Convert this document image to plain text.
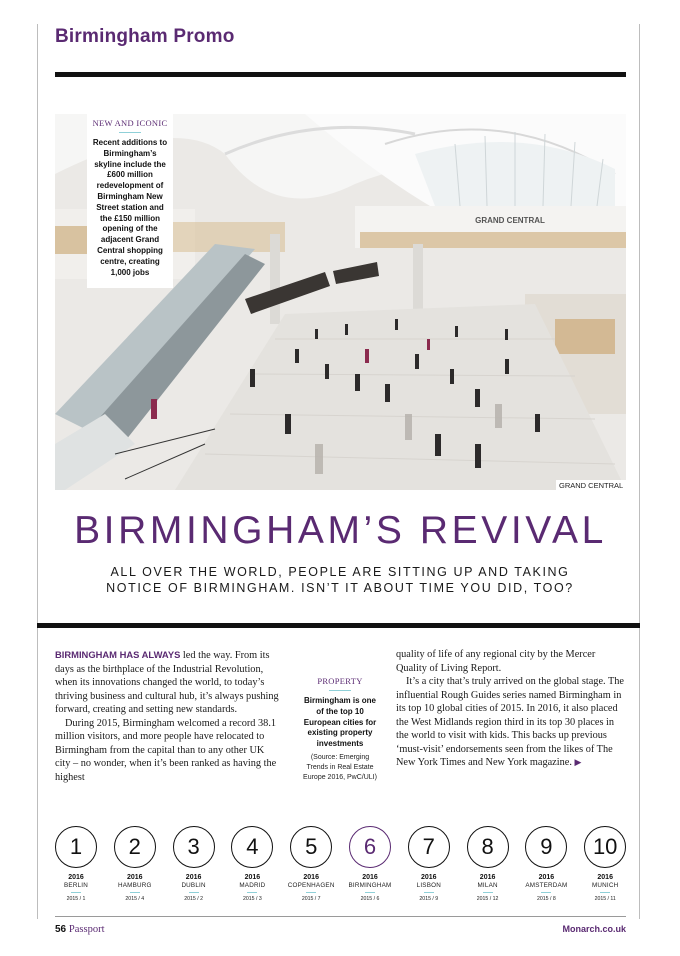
Birmingham Promo
GRAND CENTRAL
NEW AND ICONIC
Recent additions to Birmingham’s skyline include the £600 million redevelopment of Birmingham New Street station and the £150 million opening of the adjacent Grand Central shopping centre, creating 1,000 jobs
GRAND CENTRAL
BIRMINGHAM’S REVIVAL
ALL OVER THE WORLD, PEOPLE ARE SITTING UP AND TAKING NOTICE OF BIRMINGHAM. ISN’T IT ABOUT TIME YOU DID, TOO?

BIRMINGHAM HAS ALWAYS led the way. From its days as the birthplace of the Industrial Revolution, when its innovations changed the world, to today’s thriving business and cultural hub, it’s always pushing forward, creating and setting new standards.

During 2015, Birmingham welcomed a record 38.1 million visitors, and more people have relocated to Birmingham from the capital than to any other UK city – no wonder, when it’s been ranked as having the highest

PROPERTY
Birmingham is one of the top 10 European cities for existing property investments
(Source: Emerging Trends in Real Estate Europe 2016, PwC/ULI)

quality of life of any regional city by the Mercer Quality of Living Report.

It’s a city that’s truly arrived on the global stage. The influential Rough Guides series named Birmingham in its top 10 global cities of 2015. In 2016, it also placed the West Midlands region third in its top 30 places in the world to visit with kids. This backs up previous ‘must-visit’ endorsements seen from the likes of The New York Times and New York magazine. ▶

1
2016
BERLIN
2015 / 1
2
2016
HAMBURG
2015 / 4
3
2016
DUBLIN
2015 / 2
4
2016
MADRID
2015 / 3
5
2016
COPENHAGEN
2015 / 7
6
2016
BIRMINGHAM
2015 / 6
7
2016
LISBON
2015 / 9
8
2016
MILAN
2015 / 12
9
2016
AMSTERDAM
2015 / 8
10
2016
MUNICH
2015 / 11
56 Passport	Monarch.co.uk
